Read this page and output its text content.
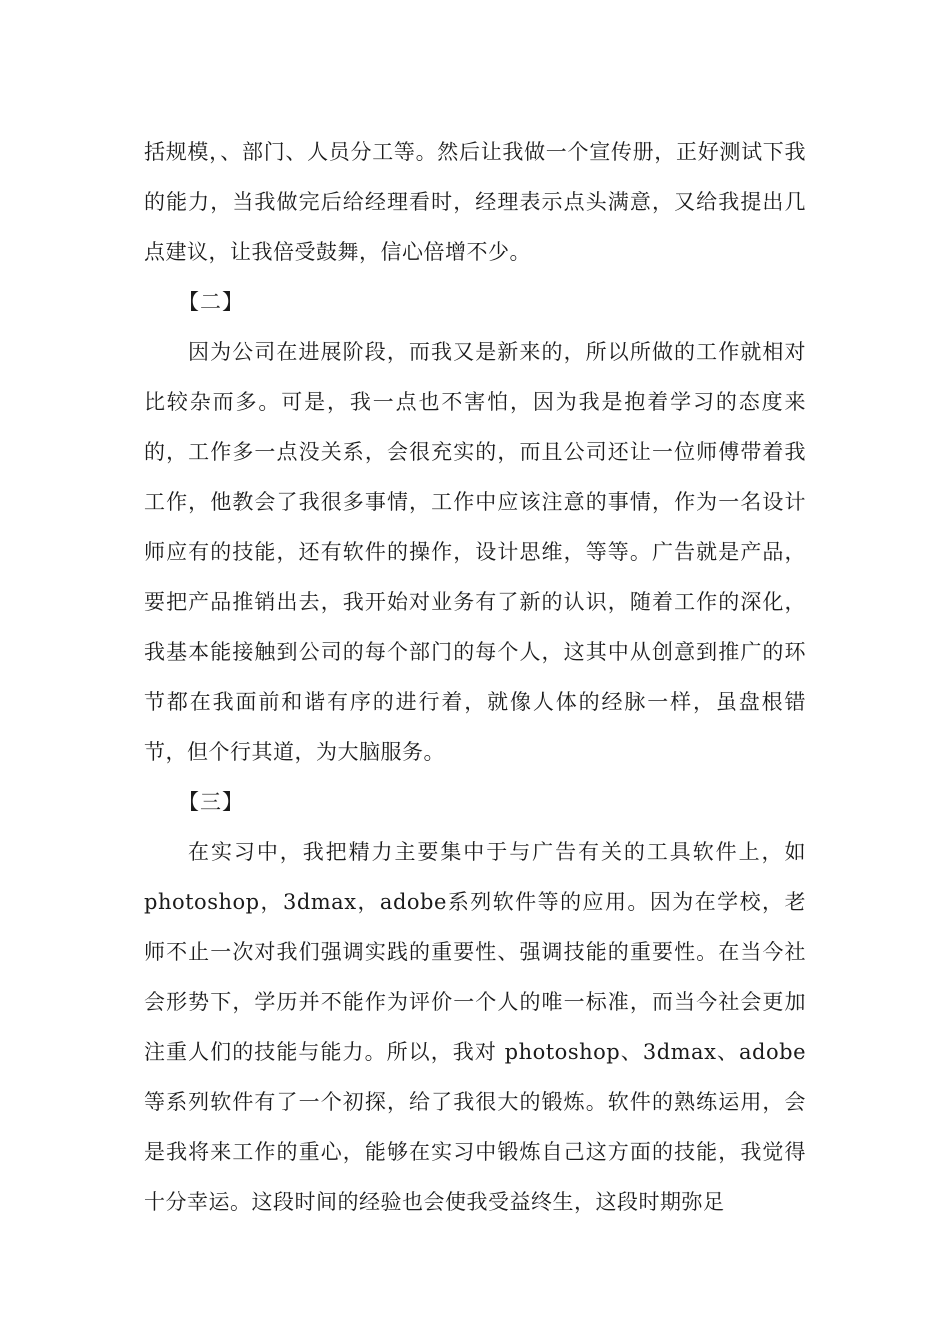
括规模，、部门、人员分工等。然后让我做一个宣传册，正好测试下我的能力，当我做完后给经理看时，经理表示点头满意，又给我提出几点建议，让我倍受鼓舞，信心倍增不少。

【二】

因为公司在进展阶段，而我又是新来的，所以所做的工作就相对比较杂而多。可是，我一点也不害怕，因为我是抱着学习的态度来的，工作多一点没关系，会很充实的，而且公司还让一位师傅带着我工作，他教会了我很多事情，工作中应该注意的事情，作为一名设计师应有的技能，还有软件的操作，设计思维，等等。广告就是产品，要把产品推销出去，我开始对业务有了新的认识，随着工作的深化，我基本能接触到公司的每个部门的每个人，这其中从创意到推广的环节都在我面前和谐有序的进行着，就像人体的经脉一样，虽盘根错节，但个行其道，为大脑服务。

【三】

在实习中，我把精力主要集中于与广告有关的工具软件上，如photoshop，3dmax，adobe系列软件等的应用。因为在学校，老师不止一次对我们强调实践的重要性、强调技能的重要性。在当今社会形势下，学历并不能作为评价一个人的唯一标准，而当今社会更加注重人们的技能与能力。所以，我对 photoshop、3dmax、adobe等系列软件有了一个初探，给了我很大的锻炼。软件的熟练运用，会是我将来工作的重心，能够在实习中锻炼自己这方面的技能，我觉得十分幸运。这段时间的经验也会使我受益终生，这段时期弥足
